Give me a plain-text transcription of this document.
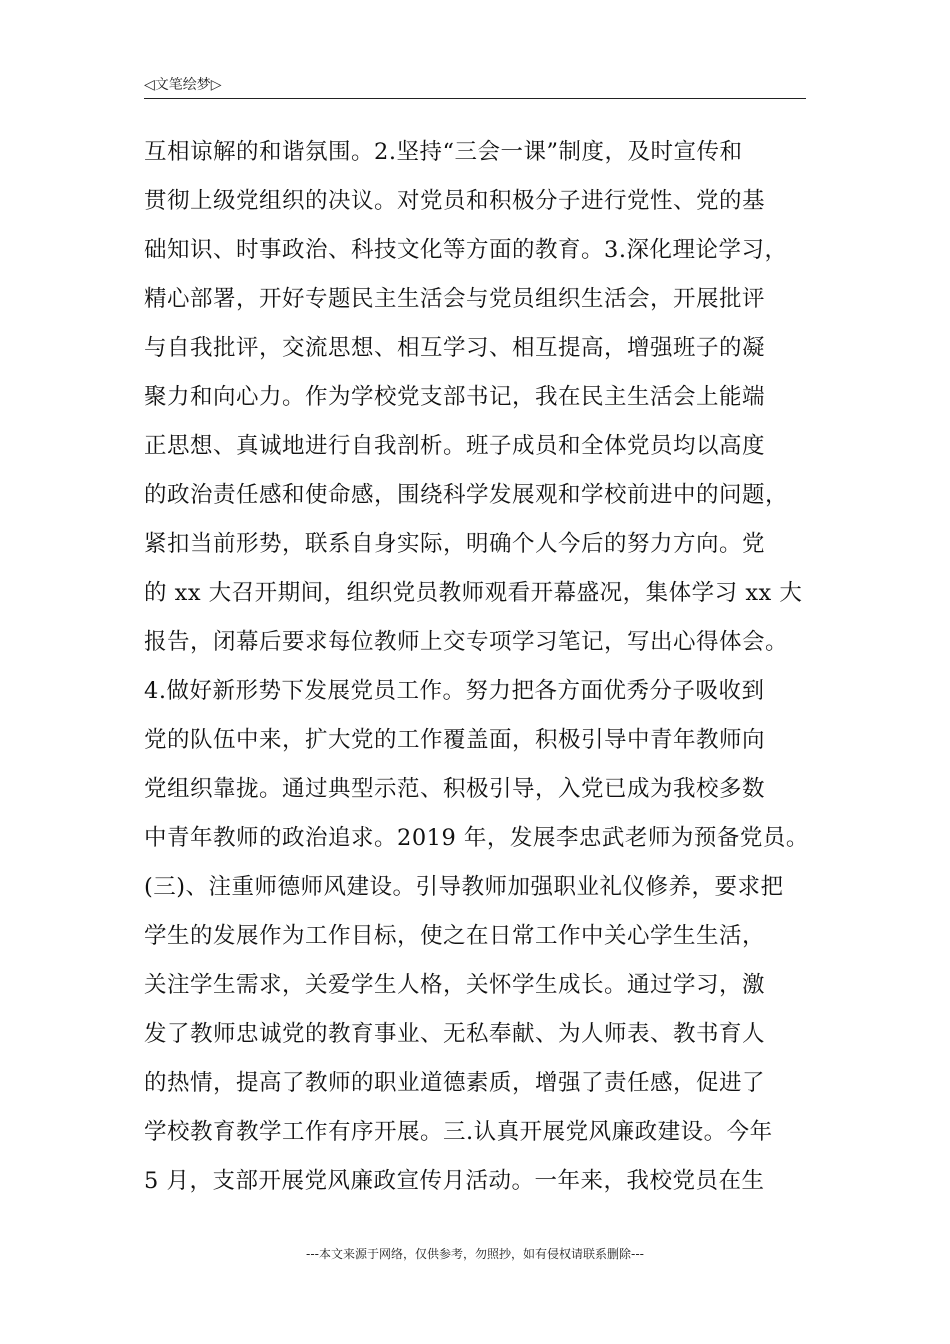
◁文笔绘梦▷
互相谅解的和谐氛围。2.坚持“三会一课”制度，及时宣传和
贯彻上级党组织的决议。对党员和积极分子进行党性、党的基
础知识、时事政治、科技文化等方面的教育。3.深化理论学习，
精心部署，开好专题民主生活会与党员组织生活会，开展批评
与自我批评，交流思想、相互学习、相互提高，增强班子的凝
聚力和向心力。作为学校党支部书记，我在民主生活会上能端
正思想、真诚地进行自我剖析。班子成员和全体党员均以高度
的政治责任感和使命感，围绕科学发展观和学校前进中的问题，
紧扣当前形势，联系自身实际，明确个人今后的努力方向。党
的 xx 大召开期间，组织党员教师观看开幕盛况，集体学习 xx 大
报告，闭幕后要求每位教师上交专项学习笔记，写出心得体会。
4.做好新形势下发展党员工作。努力把各方面优秀分子吸收到
党的队伍中来，扩大党的工作覆盖面，积极引导中青年教师向
党组织靠拢。通过典型示范、积极引导，入党已成为我校多数
中青年教师的政治追求。2019 年，发展李忠武老师为预备党员。
(三)、注重师德师风建设。引导教师加强职业礼仪修养，要求把
学生的发展作为工作目标，使之在日常工作中关心学生生活，
关注学生需求，关爱学生人格，关怀学生成长。通过学习，激
发了教师忠诚党的教育事业、无私奉献、为人师表、教书育人
的热情，提高了教师的职业道德素质，增强了责任感，促进了
学校教育教学工作有序开展。三.认真开展党风廉政建设。今年
5 月，支部开展党风廉政宣传月活动。一年来，我校党员在生
---本文来源于网络，仅供参考，勿照抄，如有侵权请联系删除---
